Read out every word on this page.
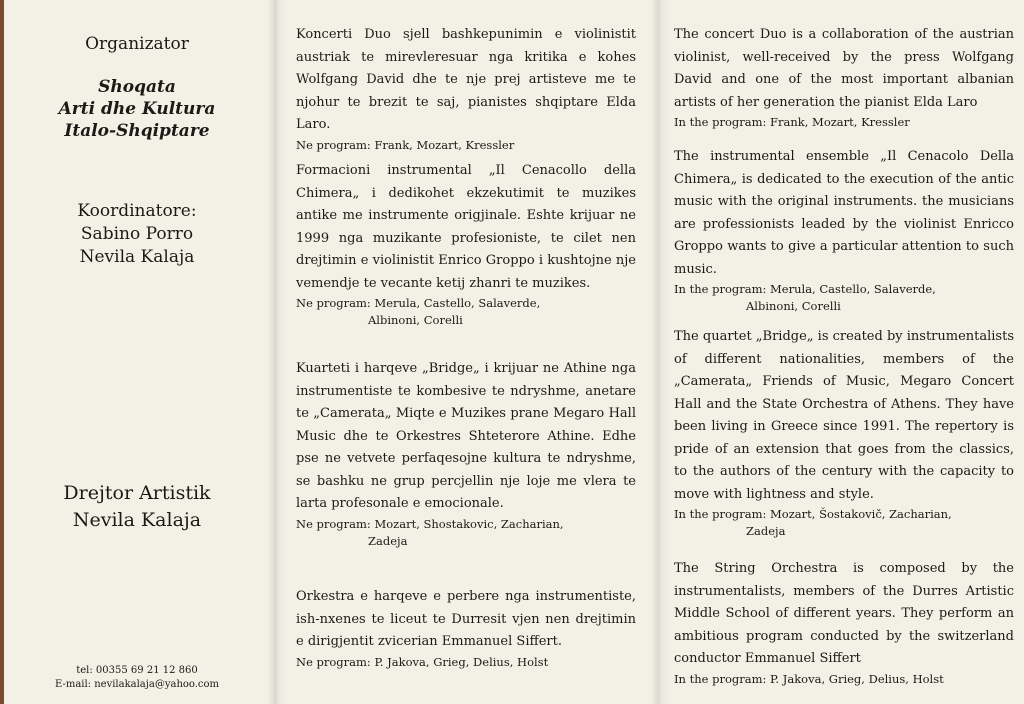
Organizator
Shoqata
Arti dhe Kultura
Italo-Shqiptare
Koordinatore:
Sabino Porro
Nevila Kalaja
Drejtor Artistik
Nevila Kalaja
tel: 00355 69 21 12 860
E-mail: nevilakalaja@yahoo.com

Koncerti Duo sjell bashkepunimin e violinistit austriak te mirevleresuar nga kritika e kohes Wolfgang David dhe te nje prej artisteve me te njohur te brezit te saj, pianistes shqiptare Elda Laro.

Ne program: Frank, Mozart, Kressler

Formacioni instrumental „Il Cenacollo della Chimera„ i dedikohet ekzekutimit te muzikes antike me instrumente origjinale. Eshte krijuar ne 1999 nga muzikante profesioniste, te cilet nen drejtimin e violinistit Enrico Groppo i kushtojne nje vemendje te vecante ketij zhanri te muzikes.

Ne program: Merula, Castello, Salaverde,

Albinoni, Corelli

Kuarteti i harqeve „Bridge„ i krijuar ne Athine nga instrumentiste te kombesive te ndryshme, anetare te „Camerata„ Miqte e Muzikes prane Megaro Hall Music dhe te Orkestres Shteterore Athine. Edhe pse ne vetvete perfaqesojne kultura te ndryshme, se bashku ne grup percjellin nje loje me vlera te larta profesonale e emocionale.

Ne program: Mozart, Shostakovic, Zacharian,

Zadeja

Orkestra e harqeve e perbere nga instrumentiste, ish-nxenes te liceut te Durresit vjen nen drejtimin e dirigjentit zvicerian Emmanuel Siffert.

Ne program: P. Jakova, Grieg, Delius, Holst

The concert Duo is a collaboration of the austrian violinist, well-received by the press Wolfgang David and one of the most important albanian artists of her generation the pianist Elda Laro

In the program: Frank, Mozart, Kressler

The instrumental ensemble „Il Cenacolo Della Chimera„ is dedicated to the execution of the antic music with the original instruments. the musicians are professionists leaded by the violinist Enricco Groppo wants to give a particular attention to such music.

In the program: Merula, Castello, Salaverde,

Albinoni, Corelli

The quartet „Bridge„ is created by instrumentalists of different nationalities, members of the „Camerata„ Friends of Music, Megaro Concert Hall and the State Orchestra of Athens. They have been living in Greece since 1991. The repertory is pride of an extension that goes from the classics, to the authors of the century with the capacity to move with lightness and style.

In the program: Mozart, Šostakovič, Zacharian,

Zadeja

The String Orchestra is composed by the instrumentalists, members of the Durres Artistic Middle School of different years. They perform an ambitious program conducted by the switzerland conductor Emmanuel Siffert

In the program: P. Jakova, Grieg, Delius, Holst
